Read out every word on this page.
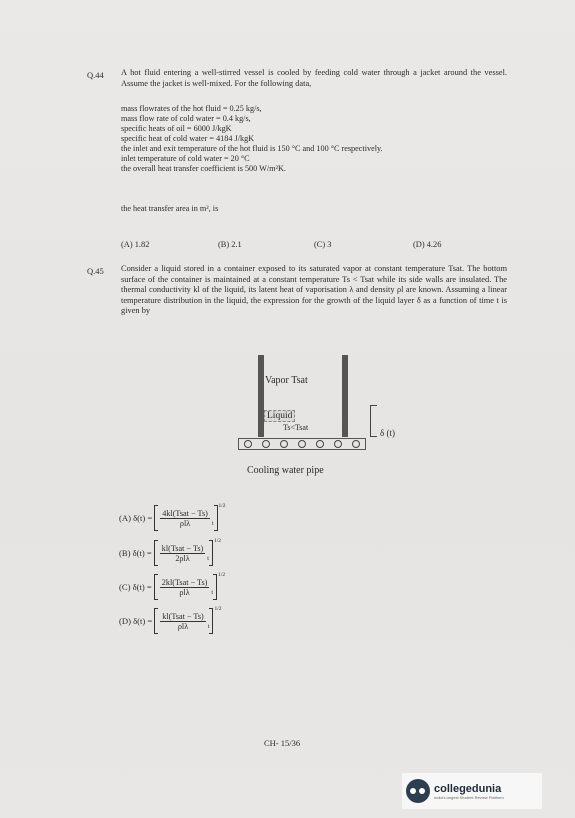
Q.44 A hot fluid entering a well-stirred vessel is cooled by feeding cold water through a jacket around the vessel. Assume the jacket is well-mixed. For the following data,
mass flowrates of the hot fluid = 0.25 kg/s,
mass flow rate of cold water = 0.4 kg/s,
specific heats of oil = 6000 J/kgK
specific heat of cold water = 4184 J/kgK
the inlet and exit temperature of the hot fluid is 150 °C and 100 °C respectively.
inlet temperature of cold water = 20 °C
the overall heat transfer coefficient is 500 W/m²K.
the heat transfer area in m², is
(A) 1.82	(B) 2.1	(C) 3	(D) 4.26
Q.45 Consider a liquid stored in a container exposed to its saturated vapor at constant temperature Tsat. The bottom surface of the container is maintained at a constant temperature Ts < Tsat while its side walls are insulated. The thermal conductivity kl of the liquid, its latent heat of vaporisation λ and density ρl are known. Assuming a linear temperature distribution in the liquid, the expression for the growth of the liquid layer δ as a function of time t is given by
Vapor Tsat
Liquid
Ts<Tsat
δ (t)
Cooling water pipe
(A) $\delta(t) = \frac{\text{4kl(Tsat − Ts)}}{\text{ρlλ}}$ t
1/2
(B) $\delta(t) = \frac{\text{kl(Tsat − Ts)}}{\text{2ρlλ}}$ t
1/2
(C) $\delta(t) = \frac{\text{2kl(Tsat − Ts)}}{\text{ρlλ}}$ t
1/2
(D) $\delta(t) = \frac{\text{kl(Tsat − Ts)}}{\text{ρlλ}}$ t
1/2
CH- 15/36
collegedunia
India's largest Student Review Platform
